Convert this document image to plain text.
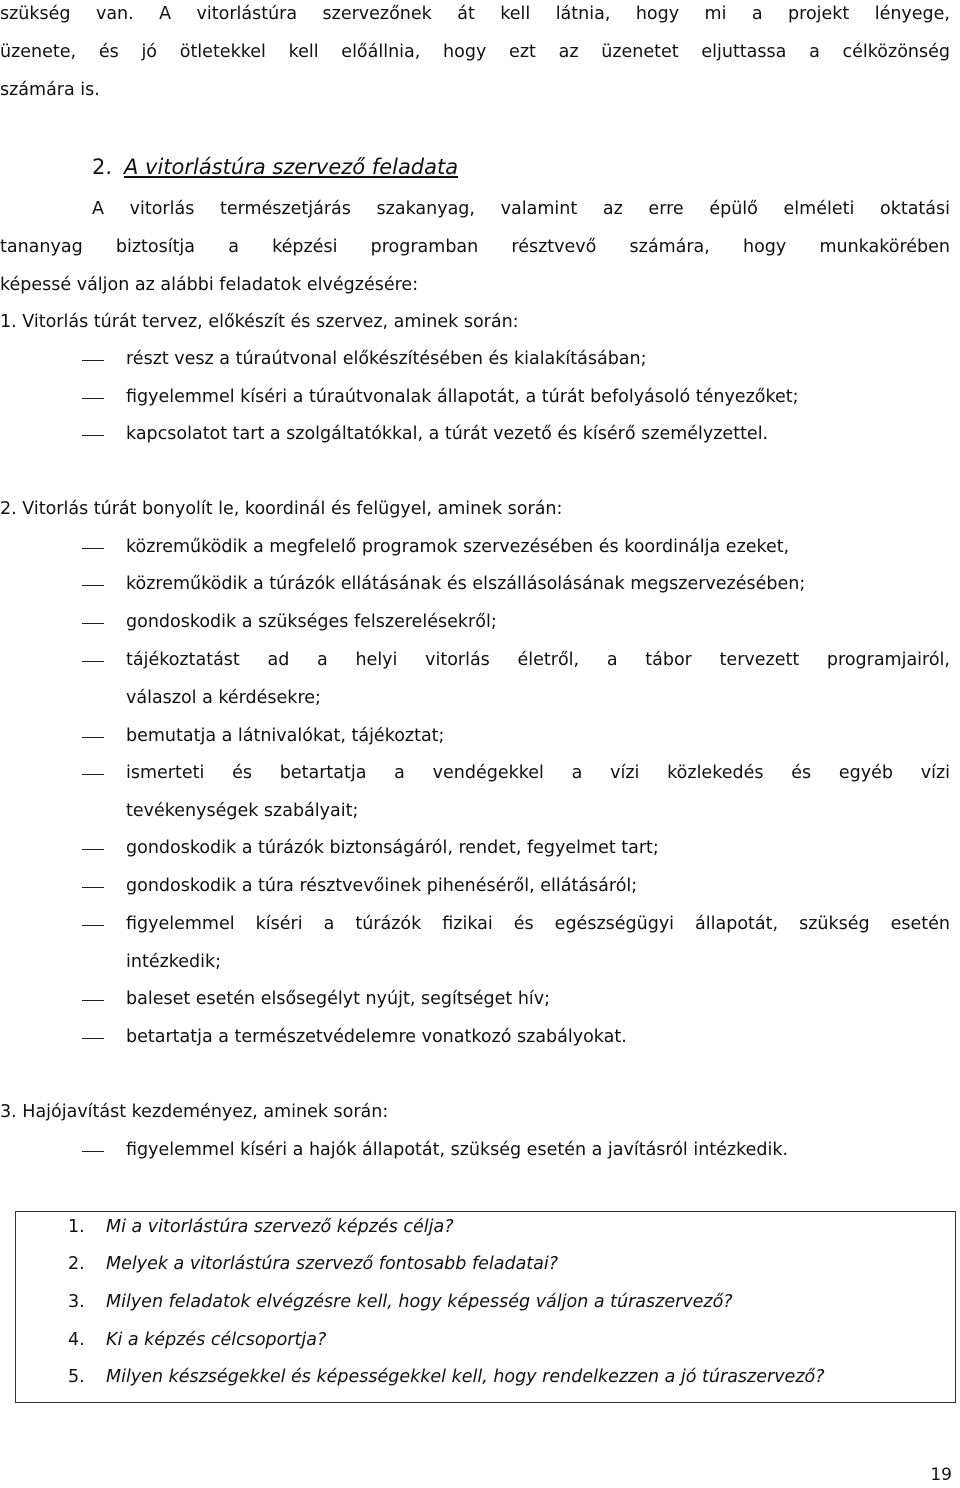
szükség van. A vitorlástúra szervezőnek át kell látnia, hogy mi a projekt lényege,
üzenete, és jó ötletekkel kell előállnia, hogy ezt az üzenetet eljuttassa a célközönség
számára is.
2. A vitorlástúra szervező feladata
A vitorlás természetjárás szakanyag, valamint az erre épülő elméleti oktatási
tananyag biztosítja a képzési programban résztvevő számára, hogy munkakörében
képessé váljon az alábbi feladatok elvégzésére:
1. Vitorlás túrát tervez, előkészít és szervez, aminek során:
részt vesz a túraútvonal előkészítésében és kialakításában;
figyelemmel kíséri a túraútvonalak állapotát, a túrát befolyásoló tényezőket;
kapcsolatot tart a szolgáltatókkal, a túrát vezető és kísérő személyzettel.
2. Vitorlás túrát bonyolít le, koordinál és felügyel, aminek során:
közreműködik a megfelelő programok szervezésében és koordinálja ezeket,
közreműködik a túrázók ellátásának és elszállásolásának megszervezésében;
gondoskodik a szükséges felszerelésekről;
tájékoztatást ad a helyi vitorlás életről, a tábor tervezett programjairól,
válaszol a kérdésekre;
bemutatja a látnivalókat, tájékoztat;
ismerteti és betartatja a vendégekkel a vízi közlekedés és egyéb vízi
tevékenységek szabályait;
gondoskodik a túrázók biztonságáról, rendet, fegyelmet tart;
gondoskodik a túra résztvevőinek pihenéséről, ellátásáról;
figyelemmel kíséri a túrázók fizikai és egészségügyi állapotát, szükség esetén
intézkedik;
baleset esetén elsősegélyt nyújt, segítséget hív;
betartatja a természetvédelemre vonatkozó szabályokat.
3. Hajójavítást kezdeményez, aminek során:
figyelemmel kíséri a hajók állapotát, szükség esetén a javításról intézkedik.
1. Mi a vitorlástúra szervező képzés célja?
2. Melyek a vitorlástúra szervező fontosabb feladatai?
3. Milyen feladatok elvégzésre kell, hogy képesség váljon a túraszervező?
4. Ki a képzés célcsoportja?
5. Milyen készségekkel és képességekkel kell, hogy rendelkezzen a jó túraszervező?
19
